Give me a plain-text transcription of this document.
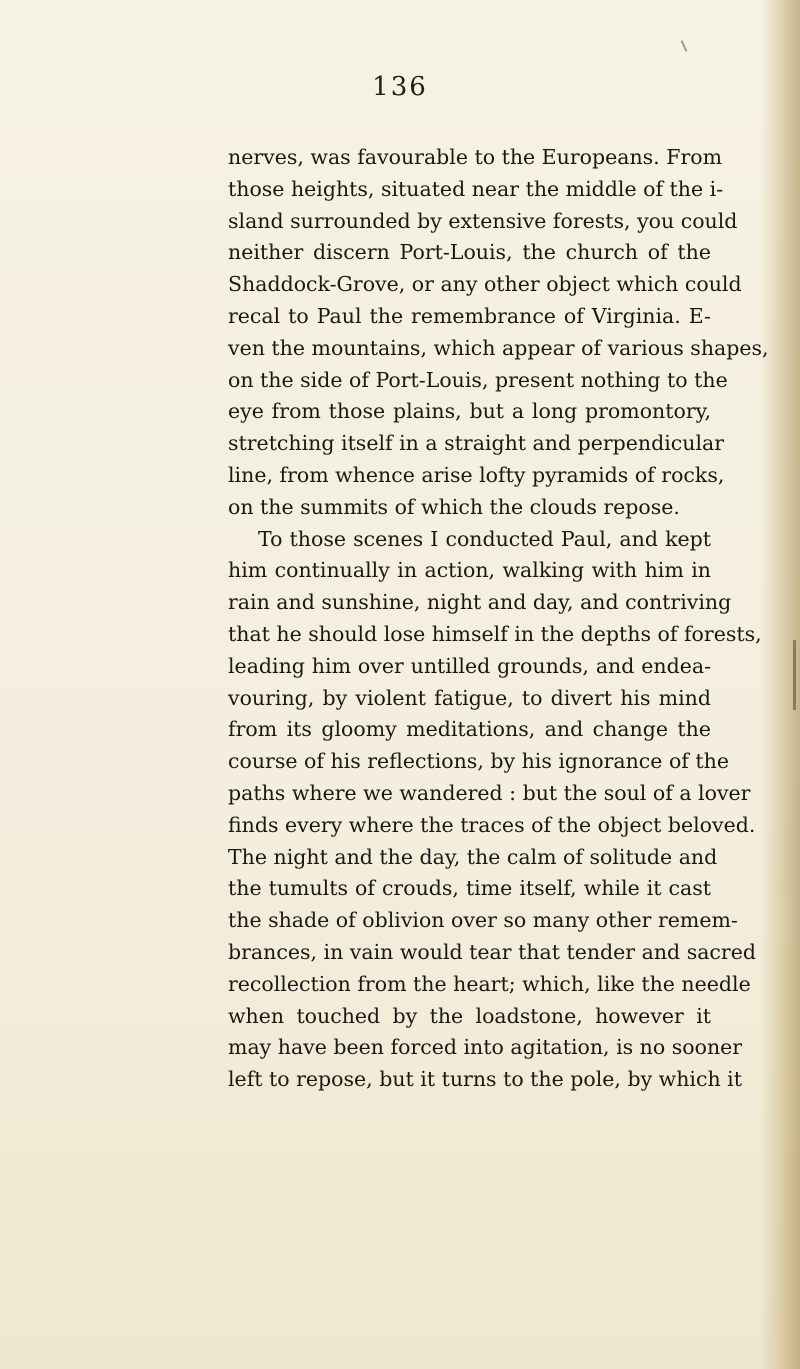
136
nerves, was favourable to the Europeans. From
those heights, situated near the middle of the i-
sland surrounded by extensive forests, you could
neither discern Port-Louis, the church of the
Shaddock-Grove, or any other object which could
recal to Paul the remembrance of Virginia. E-
ven the mountains, which appear of various shapes,
on the side of Port-Louis, present nothing to the
eye from those plains, but a long promontory,
stretching itself in a straight and perpendicular
line, from whence arise lofty pyramids of rocks,
on the summits of which the clouds repose.
To those scenes I conducted Paul, and kept
him continually in action, walking with him in
rain and sunshine, night and day, and contriving
that he should lose himself in the depths of forests,
leading him over untilled grounds, and endea-
vouring, by violent fatigue, to divert his mind
from its gloomy meditations, and change the
course of his reflections, by his ignorance of the
paths where we wandered : but the soul of a lover
finds every where the traces of the object beloved.
The night and the day, the calm of solitude and
the tumults of crouds, time itself, while it cast
the shade of oblivion over so many other remem-
brances, in vain would tear that tender and sacred
recollection from the heart; which, like the needle
when touched by the loadstone, however it
may have been forced into agitation, is no sooner
left to repose, but it turns to the pole, by which it
